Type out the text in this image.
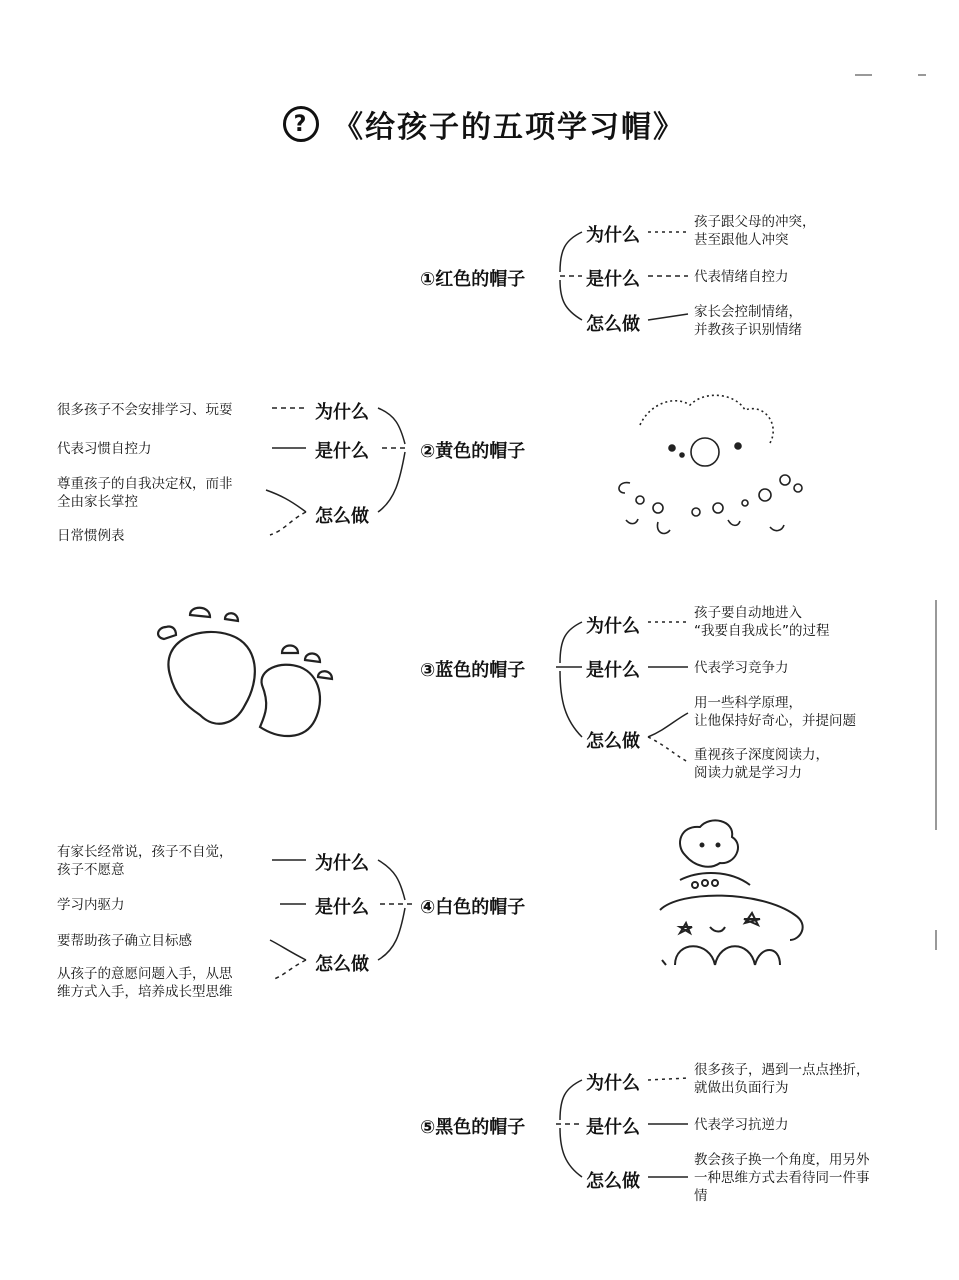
? 《给孩子的五项学习帽》
①红色的帽子
为什么
是什么
怎么做
孩子跟父母的冲突，
甚至跟他人冲突
代表情绪自控力
家长会控制情绪，
并教孩子识别情绪
②黄色的帽子
为什么
是什么
怎么做
很多孩子不会安排学习、玩耍
代表习惯自控力
尊重孩子的自我决定权，而非
全由家长掌控
日常惯例表
③蓝色的帽子
为什么
是什么
怎么做
孩子要自动地进入
“我要自我成长”的过程
代表学习竞争力
用一些科学原理，
让他保持好奇心，并提问题
重视孩子深度阅读力，
阅读力就是学习力
④白色的帽子
为什么
是什么
怎么做
有家长经常说，孩子不自觉，
孩子不愿意
学习内驱力
要帮助孩子确立目标感
从孩子的意愿问题入手，从思
维方式入手，培养成长型思维
⑤黑色的帽子
为什么
是什么
怎么做
很多孩子，遇到一点点挫折，
就做出负面行为
代表学习抗逆力
教会孩子换一个角度，用另外
一种思维方式去看待同一件事
情
